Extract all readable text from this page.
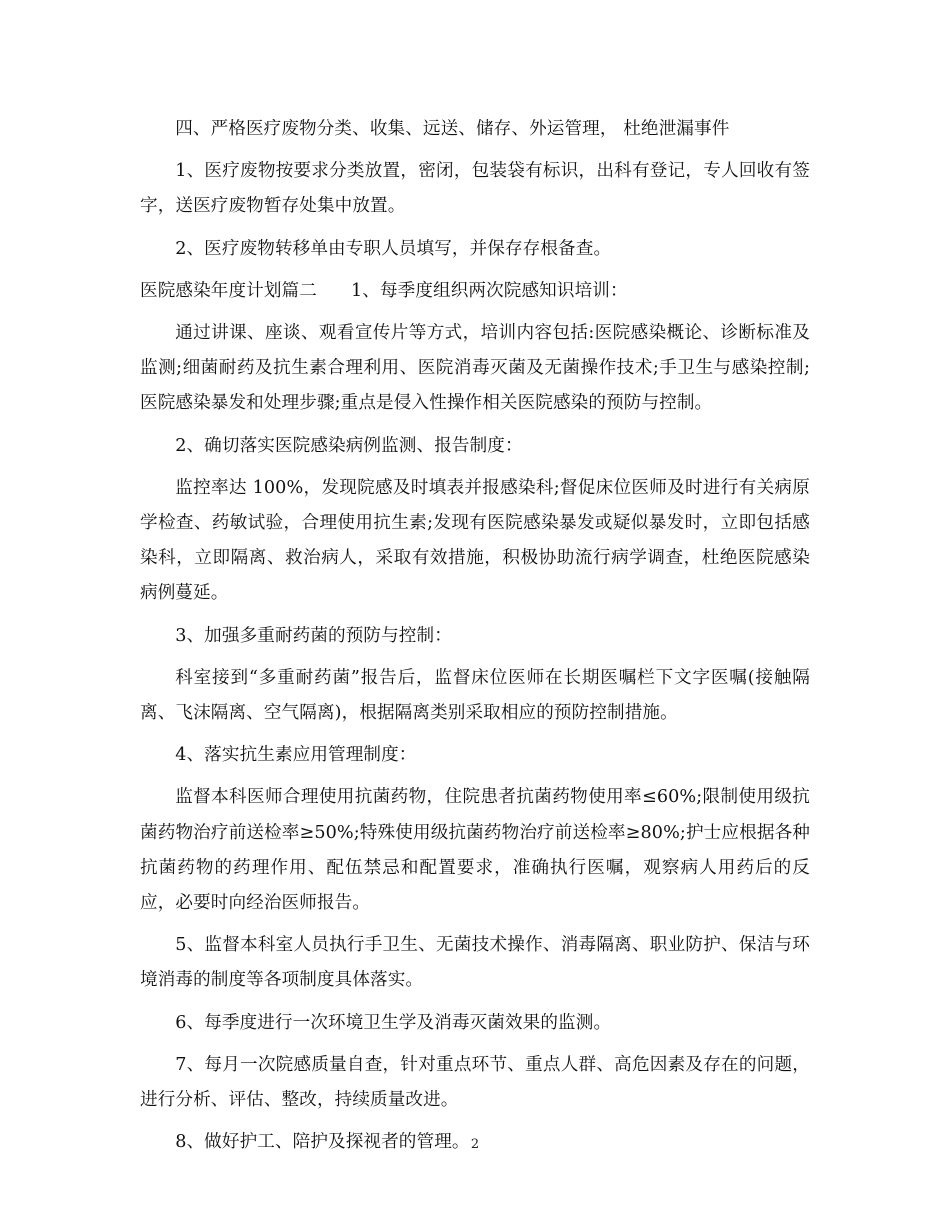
四、严格医疗废物分类、收集、远送、储存、外运管理， 杜绝泄漏事件

1、医疗废物按要求分类放置，密闭，包装袋有标识，出科有登记，专人回收有签字，送医疗废物暂存处集中放置。

2、医疗废物转移单由专职人员填写，并保存存根备查。

医院感染年度计划篇二 1、每季度组织两次院感知识培训：

通过讲课、座谈、观看宣传片等方式，培训内容包括:医院感染概论、诊断标准及监测;细菌耐药及抗生素合理利用、医院消毒灭菌及无菌操作技术;手卫生与感染控制;医院感染暴发和处理步骤;重点是侵入性操作相关医院感染的预防与控制。

2、确切落实医院感染病例监测、报告制度：

监控率达 100%，发现院感及时填表并报感染科;督促床位医师及时进行有关病原学检查、药敏试验，合理使用抗生素;发现有医院感染暴发或疑似暴发时，立即包括感染科，立即隔离、救治病人，采取有效措施，积极协助流行病学调查，杜绝医院感染病例蔓延。

3、加强多重耐药菌的预防与控制：

科室接到“多重耐药菌”报告后，监督床位医师在长期医嘱栏下文字医嘱(接触隔离、飞沫隔离、空气隔离)，根据隔离类别采取相应的预防控制措施。

4、落实抗生素应用管理制度：

监督本科医师合理使用抗菌药物，住院患者抗菌药物使用率≤60%;限制使用级抗菌药物治疗前送检率≥50%;特殊使用级抗菌药物治疗前送检率≥80%;护士应根据各种抗菌药物的药理作用、配伍禁忌和配置要求，准确执行医嘱，观察病人用药后的反应，必要时向经治医师报告。

5、监督本科室人员执行手卫生、无菌技术操作、消毒隔离、职业防护、保洁与环境消毒的制度等各项制度具体落实。

6、每季度进行一次环境卫生学及消毒灭菌效果的监测。

7、每月一次院感质量自查，针对重点环节、重点人群、高危因素及存在的问题，进行分析、评估、整改，持续质量改进。

8、做好护工、陪护及探视者的管理。 2
